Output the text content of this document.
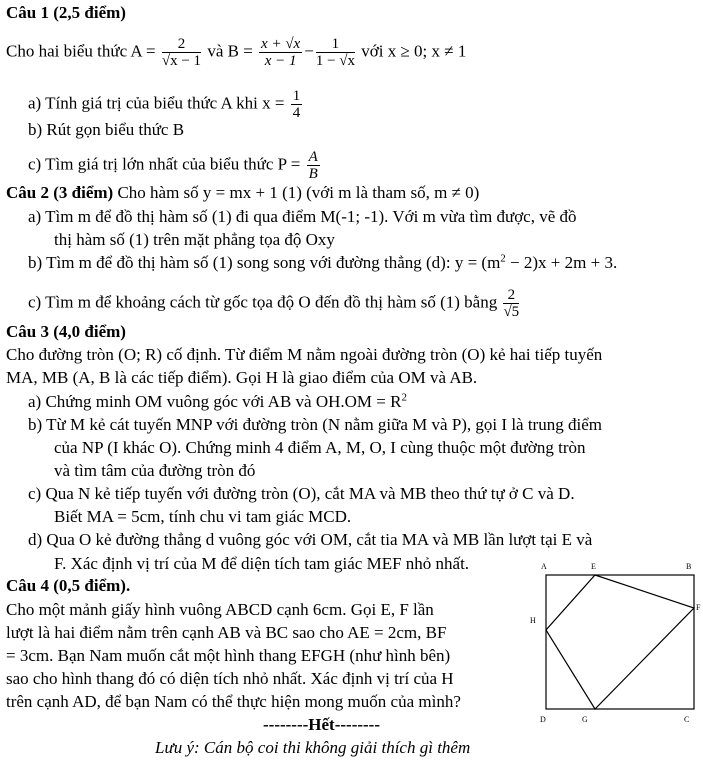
Câu 1 (2,5 điểm)
Cho hai biểu thức $A = \frac{2}{√x - 1}$ và $B = \frac{x + √x}{x - 1} - \frac{1}{1 - √x}$ với x ≥ 0; x ≠ 1
a) Tính giá trị của biểu thức A khi $x = \frac{1}{4}$
b) Rút gọn biểu thức B
c) Tìm giá trị lớn nhất của biểu thức $P = \frac{A}{B}$
Câu 2 (3 điểm) Cho hàm số y = mx + 1 (1) (với m là tham số, m ≠ 0)
a) Tìm m để đồ thị hàm số (1) đi qua điểm M(-1; -1). Với m vừa tìm được, vẽ đồ
thị hàm số (1) trên mặt phẳng tọa độ Oxy
b) Tìm m để đồ thị hàm số (1) song song với đường thẳng (d): $y = (m^2 - 2)x + 2m + 3$.
c) Tìm m để khoảng cách từ gốc tọa độ O đến đồ thị hàm số (1) bằng $\frac{2}{√5}$
Câu 3 (4,0 điểm)
Cho đường tròn (O; R) cố định. Từ điểm M nằm ngoài đường tròn (O) kẻ hai tiếp tuyến
MA, MB (A, B là các tiếp điểm). Gọi H là giao điểm của OM và AB.
a) Chứng minh OM vuông góc với AB và $OH.OM = R^2$
b) Từ M kẻ cát tuyến MNP với đường tròn (N nằm giữa M và P), gọi I là trung điểm
của NP (I khác O). Chứng minh 4 điểm A, M, O, I cùng thuộc một đường tròn
và tìm tâm của đường tròn đó
c) Qua N kẻ tiếp tuyến với đường tròn (O), cắt MA và MB theo thứ tự ở C và D.
Biết MA = 5cm, tính chu vi tam giác MCD.
d) Qua O kẻ đường thẳng d vuông góc với OM, cắt tia MA và MB lần lượt tại E và
F. Xác định vị trí của M để diện tích tam giác MEF nhỏ nhất.
Câu 4 (0,5 điểm).
Cho một mảnh giấy hình vuông ABCD cạnh 6cm. Gọi E, F lần
lượt là hai điểm nằm trên cạnh AB và BC sao cho AE = 2cm, BF
= 3cm. Bạn Nam muốn cắt một hình thang EFGH (như hình bên)
sao cho hình thang đó có diện tích nhỏ nhất. Xác định vị trí của H
trên cạnh AD, để bạn Nam có thể thực hiện mong muốn của mình?
A	E	B
F
H
D	G	C
--------Hết--------
Lưu ý: Cán bộ coi thi không giải thích gì thêm
